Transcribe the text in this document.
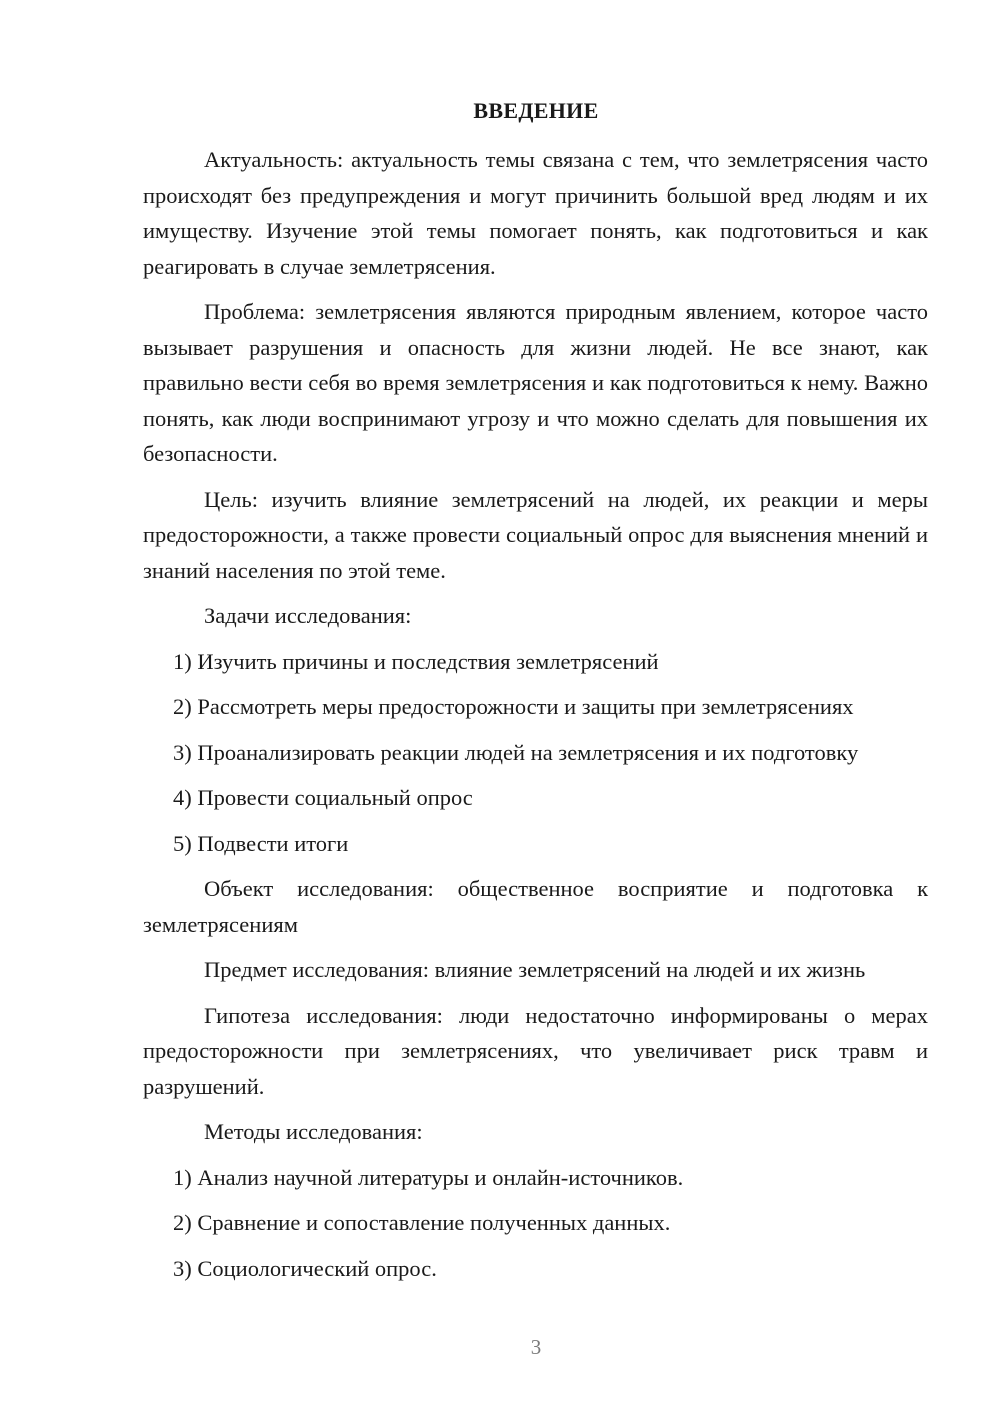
ВВЕДЕНИЕ

Актуальность: актуальность темы связана с тем, что землетрясения часто происходят без предупреждения и могут причинить большой вред людям и их имуществу. Изучение этой темы помогает понять, как подготовиться и как реагировать в случае землетрясения.

Проблема: землетрясения являются природным явлением, которое часто вызывает разрушения и опасность для жизни людей. Не все знают, как правильно вести себя во время землетрясения и как подготовиться к нему. Важно понять, как люди воспринимают угрозу и что можно сделать для повышения их безопасности.

Цель: изучить влияние землетрясений на людей, их реакции и меры предосторожности, а также провести социальный опрос для выяснения мнений и знаний населения по этой теме.

Задачи исследования:

1) Изучить причины и последствия землетрясений

2) Рассмотреть меры предосторожности и защиты при землетрясениях

3) Проанализировать реакции людей на землетрясения и их подготовку

4) Провести социальный опрос

5) Подвести итоги

Объект исследования: общественное восприятие и подготовка к землетрясениям

Предмет исследования: влияние землетрясений на людей и их жизнь

Гипотеза исследования: люди недостаточно информированы о мерах предосторожности при землетрясениях, что увеличивает риск травм и разрушений.

Методы исследования:

1) Анализ научной литературы и онлайн-источников.

2) Сравнение и сопоставление полученных данных.

3) Социологический опрос.

3
